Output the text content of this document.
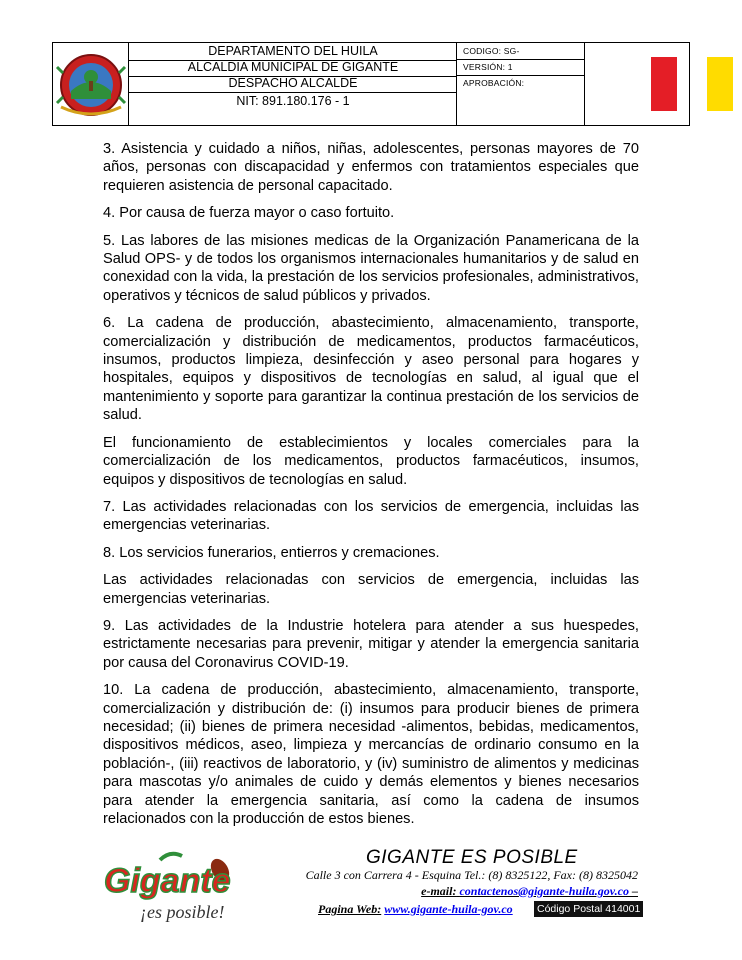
DEPARTAMENTO DEL HUILA
ALCALDIA MUNICIPAL DE GIGANTE
DESPACHO ALCALDE
NIT: 891.180.176 - 1
CODIGO: SG-
VERSIÓN: 1
APROBACIÓN:

3. Asistencia y cuidado a niños, niñas, adolescentes, personas mayores de 70 años, personas con discapacidad y enfermos con tratamientos especiales que requieren asistencia de personal capacitado.

4. Por causa de fuerza mayor o caso fortuito.

5. Las labores de las misiones medicas de la Organización Panamericana de la Salud OPS- y de todos los organismos internacionales humanitarios y de salud en conexidad con la vida, la prestación de los servicios profesionales, administrativos, operativos y técnicos de salud públicos y privados.

6. La cadena de producción, abastecimiento, almacenamiento, transporte, comercialización y distribución de medicamentos, productos farmacéuticos, insumos, productos limpieza, desinfección y aseo personal para hogares y hospitales, equipos y dispositivos de tecnologías en salud, al igual que el mantenimiento y soporte para garantizar la continua prestación de los servicios de salud.

El funcionamiento de establecimientos y locales comerciales para la comercialización de los medicamentos, productos farmacéuticos, insumos, equipos y dispositivos de tecnologías en salud.

7. Las actividades relacionadas con los servicios de emergencia, incluidas las emergencias veterinarias.

8. Los servicios funerarios, entierros y cremaciones.

Las actividades relacionadas con servicios de emergencia, incluidas las emergencias veterinarias.

9. Las actividades de la Industrie hotelera para atender a sus huespedes, estrictamente necesarias para prevenir, mitigar y atender la emergencia sanitaria por causa del Coronavirus COVID-19.

10. La cadena de producción, abastecimiento, almacenamiento, transporte, comercialización y distribución de: (i) insumos para producir bienes de primera necesidad; (ii) bienes de primera necesidad -alimentos, bebidas, medicamentos, dispositivos médicos, aseo, limpieza y mercancías de ordinario consumo en la población-, (iii) reactivos de laboratorio, y (iv) suministro de alimentos y medicinas para mascotas y/o animales de cuido y demás elementos y bienes necesarios para atender la emergencia sanitaria, así como la cadena de insumos relacionados con la producción de estos bienes.

Gigante
¡es posible!
GIGANTE ES POSIBLE
Calle 3 con Carrera 4 - Esquina Tel.: (8) 8325122, Fax: (8) 8325042
e-mail: contactenos@gigante-huila.gov.co –
Pagina Web: www.gigante-huila-gov.co Código Postal 414001
